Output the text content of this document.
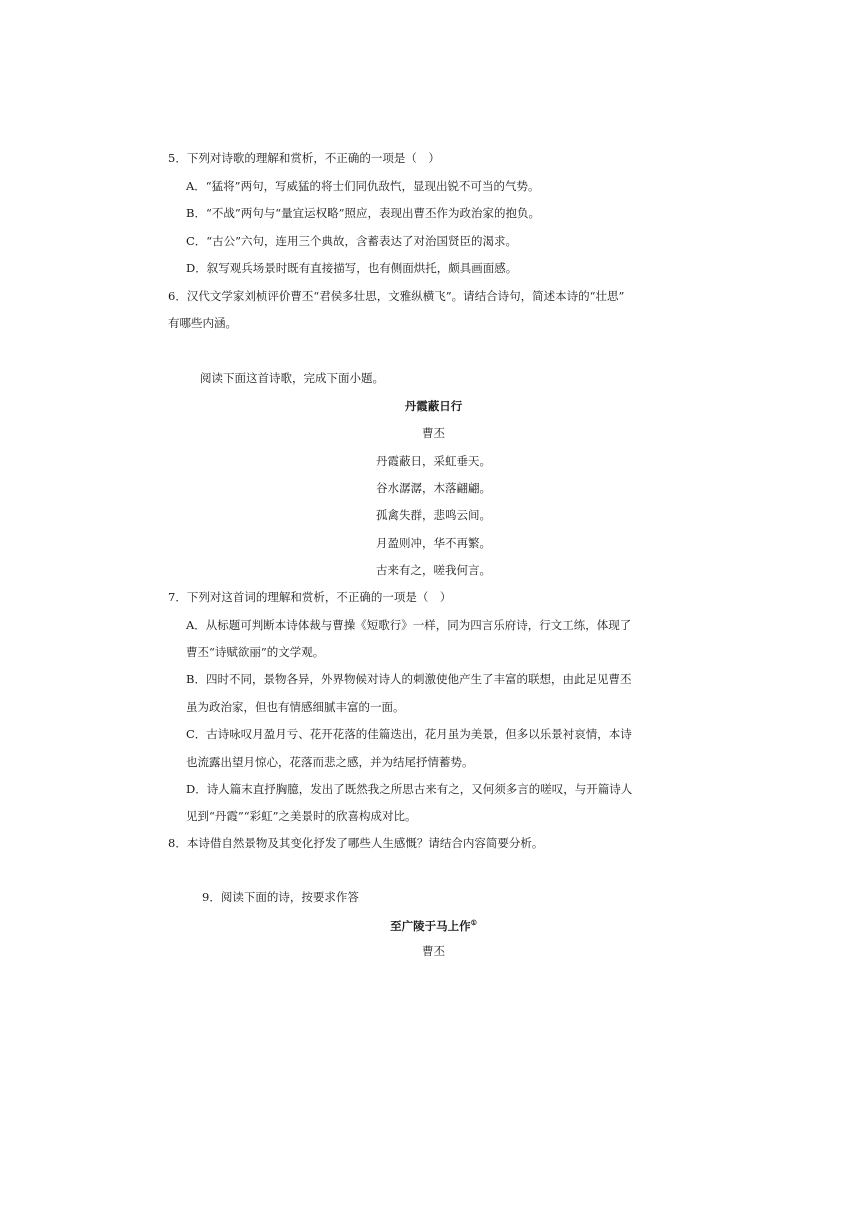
5．下列对诗歌的理解和赏析，不正确的一项是（　）
A．“猛将”两句，写威猛的将士们同仇敌忾，显现出锐不可当的气势。
B．“不战”两句与“量宜运权略”照应，表现出曹丕作为政治家的抱负。
C．“古公”六句，连用三个典故，含蓄表达了对治国贤臣的渴求。
D．叙写观兵场景时既有直接描写，也有侧面烘托，颇具画面感。
6．汉代文学家刘桢评价曹丕“君侯多壮思，文雅纵横飞”。请结合诗句，简述本诗的“壮思”
有哪些内涵。
阅读下面这首诗歌，完成下面小题。
丹霞蔽日行
曹丕
丹霞蔽日，采虹垂天。
谷水潺潺，木落翩翩。
孤禽失群，悲鸣云间。
月盈则冲，华不再繁。
古来有之，嗟我何言。
7．下列对这首词的理解和赏析，不正确的一项是（　）
A．从标题可判断本诗体裁与曹操《短歌行》一样，同为四言乐府诗，行文工练，体现了
曹丕“诗赋欲丽”的文学观。
B．四时不同，景物各异，外界物候对诗人的刺激使他产生了丰富的联想，由此足见曹丕
虽为政治家，但也有情感细腻丰富的一面。
C．古诗咏叹月盈月亏、花开花落的佳篇迭出，花月虽为美景，但多以乐景衬哀情，本诗
也流露出望月惊心，花落而悲之感，并为结尾抒情蓄势。
D．诗人篇末直抒胸臆，发出了既然我之所思古来有之，又何须多言的嗟叹，与开篇诗人
见到“丹霞”“彩虹”之美景时的欣喜构成对比。
8．本诗借自然景物及其变化抒发了哪些人生感慨？请结合内容简要分析。
9．阅读下面的诗，按要求作答
至广陵于马上作①
曹丕
